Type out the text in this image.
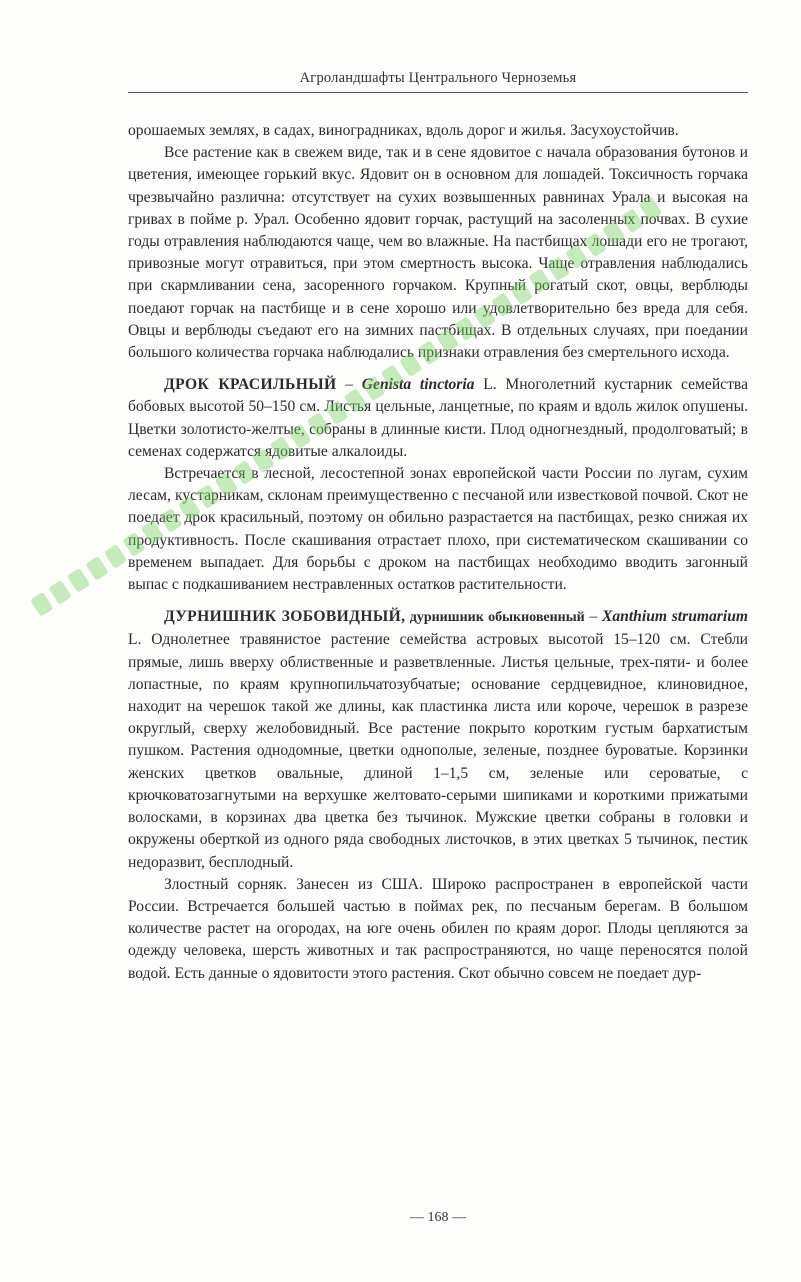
Агроландшафты Центрального Черноземья

орошаемых землях, в садах, виноградниках, вдоль дорог и жилья. Засухоустойчив.

Все растение как в свежем виде, так и в сене ядовитое с начала образования бутонов и цветения, имеющее горький вкус. Ядовит он в основном для лошадей. Токсичность горчака чрезвычайно различна: отсутствует на сухих возвышенных равнинах Урала и высокая на гривах в пойме р. Урал. Особенно ядовит горчак, растущий на засоленных почвах. В сухие годы отравления наблюдаются чаще, чем во влажные. На пастбищах лошади его не трогают, привозные могут отравиться, при этом смертность высока. Чаще отравления наблюдались при скармливании сена, засоренного горчаком. Крупный рогатый скот, овцы, верблюды поедают горчак на пастбище и в сене хорошо или удовлетворительно без вреда для себя. Овцы и верблюды съедают его на зимних пастбищах. В отдельных случаях, при поедании большого количества горчака наблюдались признаки отравления без смертельного исхода.

ДРОК КРАСИЛЬНЫЙ – Genista tinctoria L. Многолетний кустарник семейства бобовых высотой 50–150 см. Листья цельные, ланцетные, по краям и вдоль жилок опушены. Цветки золотисто-желтые, собраны в длинные кисти. Плод одногнездный, продолговатый; в семенах содержатся ядовитые алкалоиды.

Встречается в лесной, лесостепной зонах европейской части России по лугам, сухим лесам, кустарникам, склонам преимущественно с песчаной или известковой почвой. Скот не поедает дрок красильный, поэтому он обильно разрастается на пастбищах, резко снижая их продуктивность. После скашивания отрастает плохо, при систематическом скашивании со временем выпадает. Для борьбы с дроком на пастбищах необходимо вводить загонный выпас с подкашиванием нестравленных остатков растительности.

ДУРНИШНИК ЗОБОВИДНЫЙ, дурнишник обыкновенный – Xanthium strumarium L. Однолетнее травянистое растение семейства астровых высотой 15–120 см. Стебли прямые, лишь вверху облиственные и разветвленные. Листья цельные, трех-пяти- и более лопастные, по краям крупнопильчатозубчатые; основание сердцевидное, клиновидное, находит на черешок такой же длины, как пластинка листа или короче, черешок в разрезе округлый, сверху желобовидный. Все растение покрыто коротким густым бархатистым пушком. Растения однодомные, цветки однополые, зеленые, позднее буроватые. Корзинки женских цветков овальные, длиной 1–1,5 см, зеленые или сероватые, с крючковатозагнутыми на верхушке желтовато-серыми шипиками и короткими прижатыми волосками, в корзинах два цветка без тычинок. Мужские цветки собраны в головки и окружены оберткой из одного ряда свободных листочков, в этих цветках 5 тычинок, пестик недоразвит, бесплодный.

Злостный сорняк. Занесен из США. Широко распространен в европейской части России. Встречается большей частью в поймах рек, по песчаным берегам. В большом количестве растет на огородах, на юге очень обилен по краям дорог. Плоды цепляются за одежду человека, шерсть животных и так распространяются, но чаще переносятся полой водой. Есть данные о ядовитости этого растения. Скот обычно совсем не поедает дур-

— 168 —
